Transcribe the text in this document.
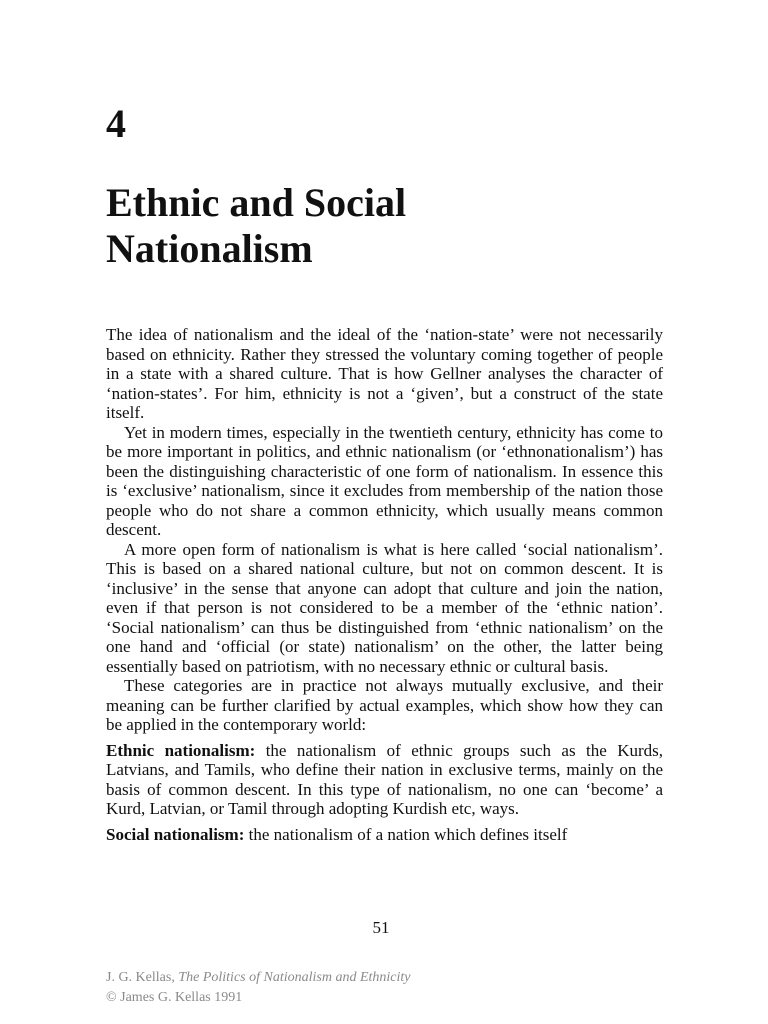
4
Ethnic and Social
Nationalism

The idea of nationalism and the ideal of the ‘nation-state’ were not necessarily based on ethnicity. Rather they stressed the voluntary coming together of people in a state with a shared culture. That is how Gellner analyses the character of ‘nation-states’. For him, ethnicity is not a ‘given’, but a construct of the state itself.

Yet in modern times, especially in the twentieth century, ethnicity has come to be more important in politics, and ethnic nationalism (or ‘ethnonationalism’) has been the distinguishing characteristic of one form of nationalism. In essence this is ‘exclusive’ nationalism, since it excludes from membership of the nation those people who do not share a common ethnicity, which usually means common descent.

A more open form of nationalism is what is here called ‘social nationalism’. This is based on a shared national culture, but not on common descent. It is ‘inclusive’ in the sense that anyone can adopt that culture and join the nation, even if that person is not considered to be a member of the ‘ethnic nation’. ‘Social nationalism’ can thus be distinguished from ‘ethnic nationalism’ on the one hand and ‘official (or state) nationalism’ on the other, the latter being essentially based on patriotism, with no necessary ethnic or cultural basis.

These categories are in practice not always mutually exclusive, and their meaning can be further clarified by actual examples, which show how they can be applied in the contemporary world:

Ethnic nationalism: the nationalism of ethnic groups such as the Kurds, Latvians, and Tamils, who define their nation in exclusive terms, mainly on the basis of common descent. In this type of nationalism, no one can ‘become’ a Kurd, Latvian, or Tamil through adopting Kurdish etc, ways.

Social nationalism: the nationalism of a nation which defines itself

51
J. G. Kellas, The Politics of Nationalism and Ethnicity
© James G. Kellas 1991
